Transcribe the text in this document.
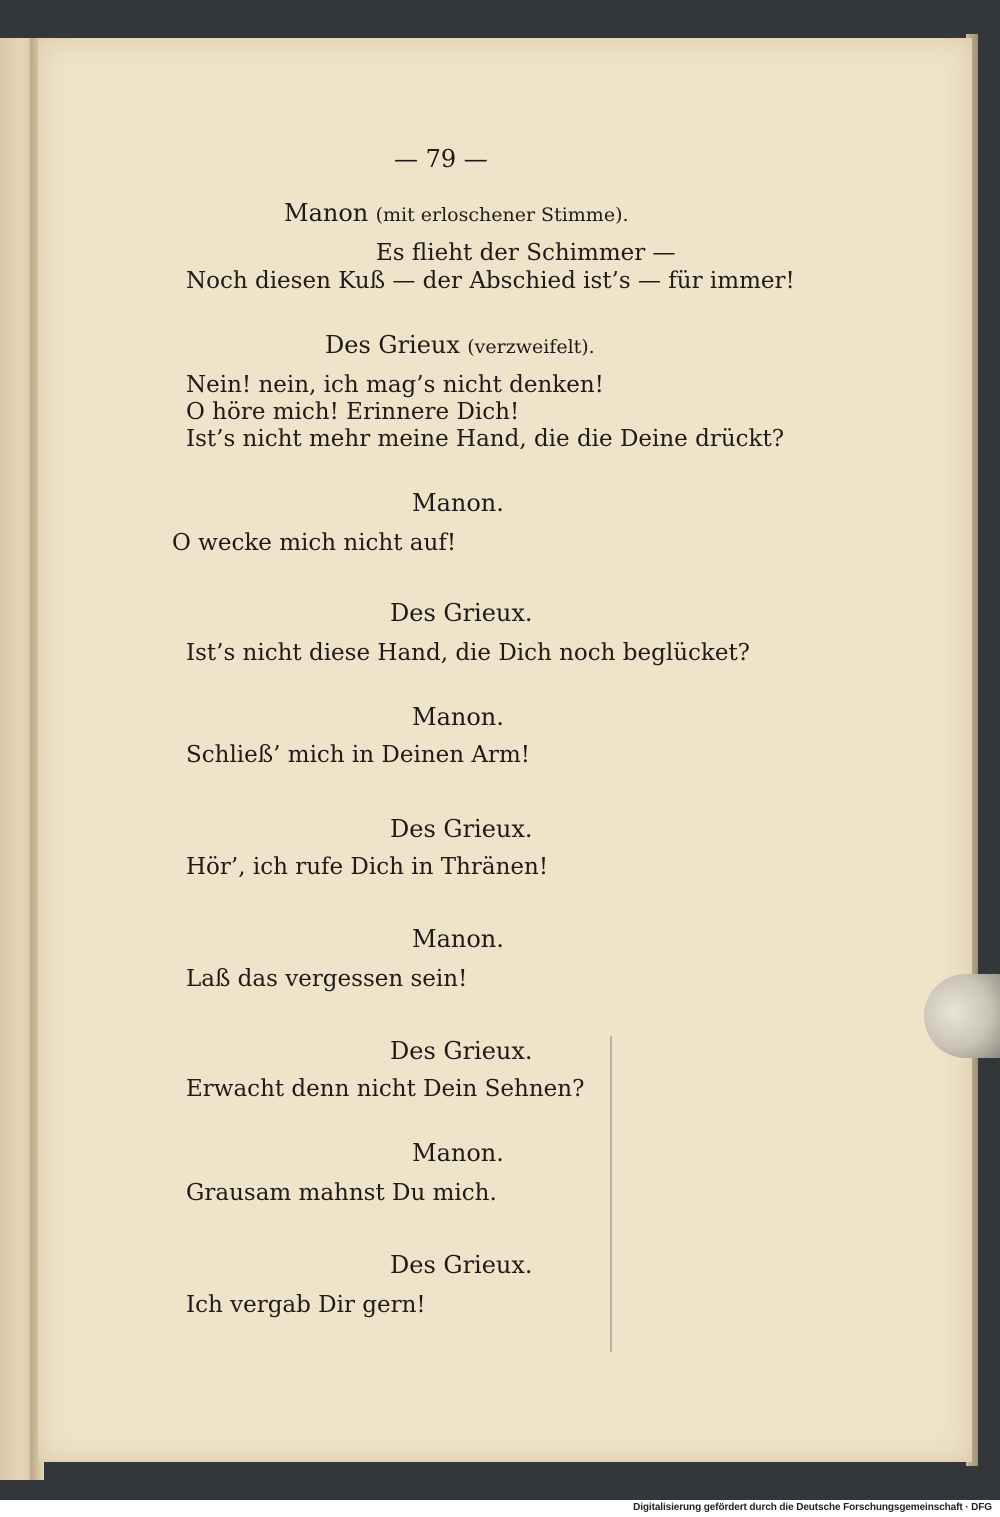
— 79 —
Manon (mit erloschener Stimme).
Es flieht der Schimmer —
Noch diesen Kuß — der Abschied ist’s — für immer!
Des Grieux (verzweifelt).
Nein! nein, ich mag’s nicht denken!
O höre mich! Erinnere Dich!
Ist’s nicht mehr meine Hand, die die Deine drückt?
Manon.
O wecke mich nicht auf!
Des Grieux.
Ist’s nicht diese Hand, die Dich noch beglücket?
Manon.
Schließ’ mich in Deinen Arm!
Des Grieux.
Hör’, ich rufe Dich in Thränen!
Manon.
Laß das vergessen sein!
Des Grieux.
Erwacht denn nicht Dein Sehnen?
Manon.
Grausam mahnst Du mich.
Des Grieux.
Ich vergab Dir gern!
Digitalisierung gefördert durch die Deutsche Forschungsgemeinschaft · DFG
